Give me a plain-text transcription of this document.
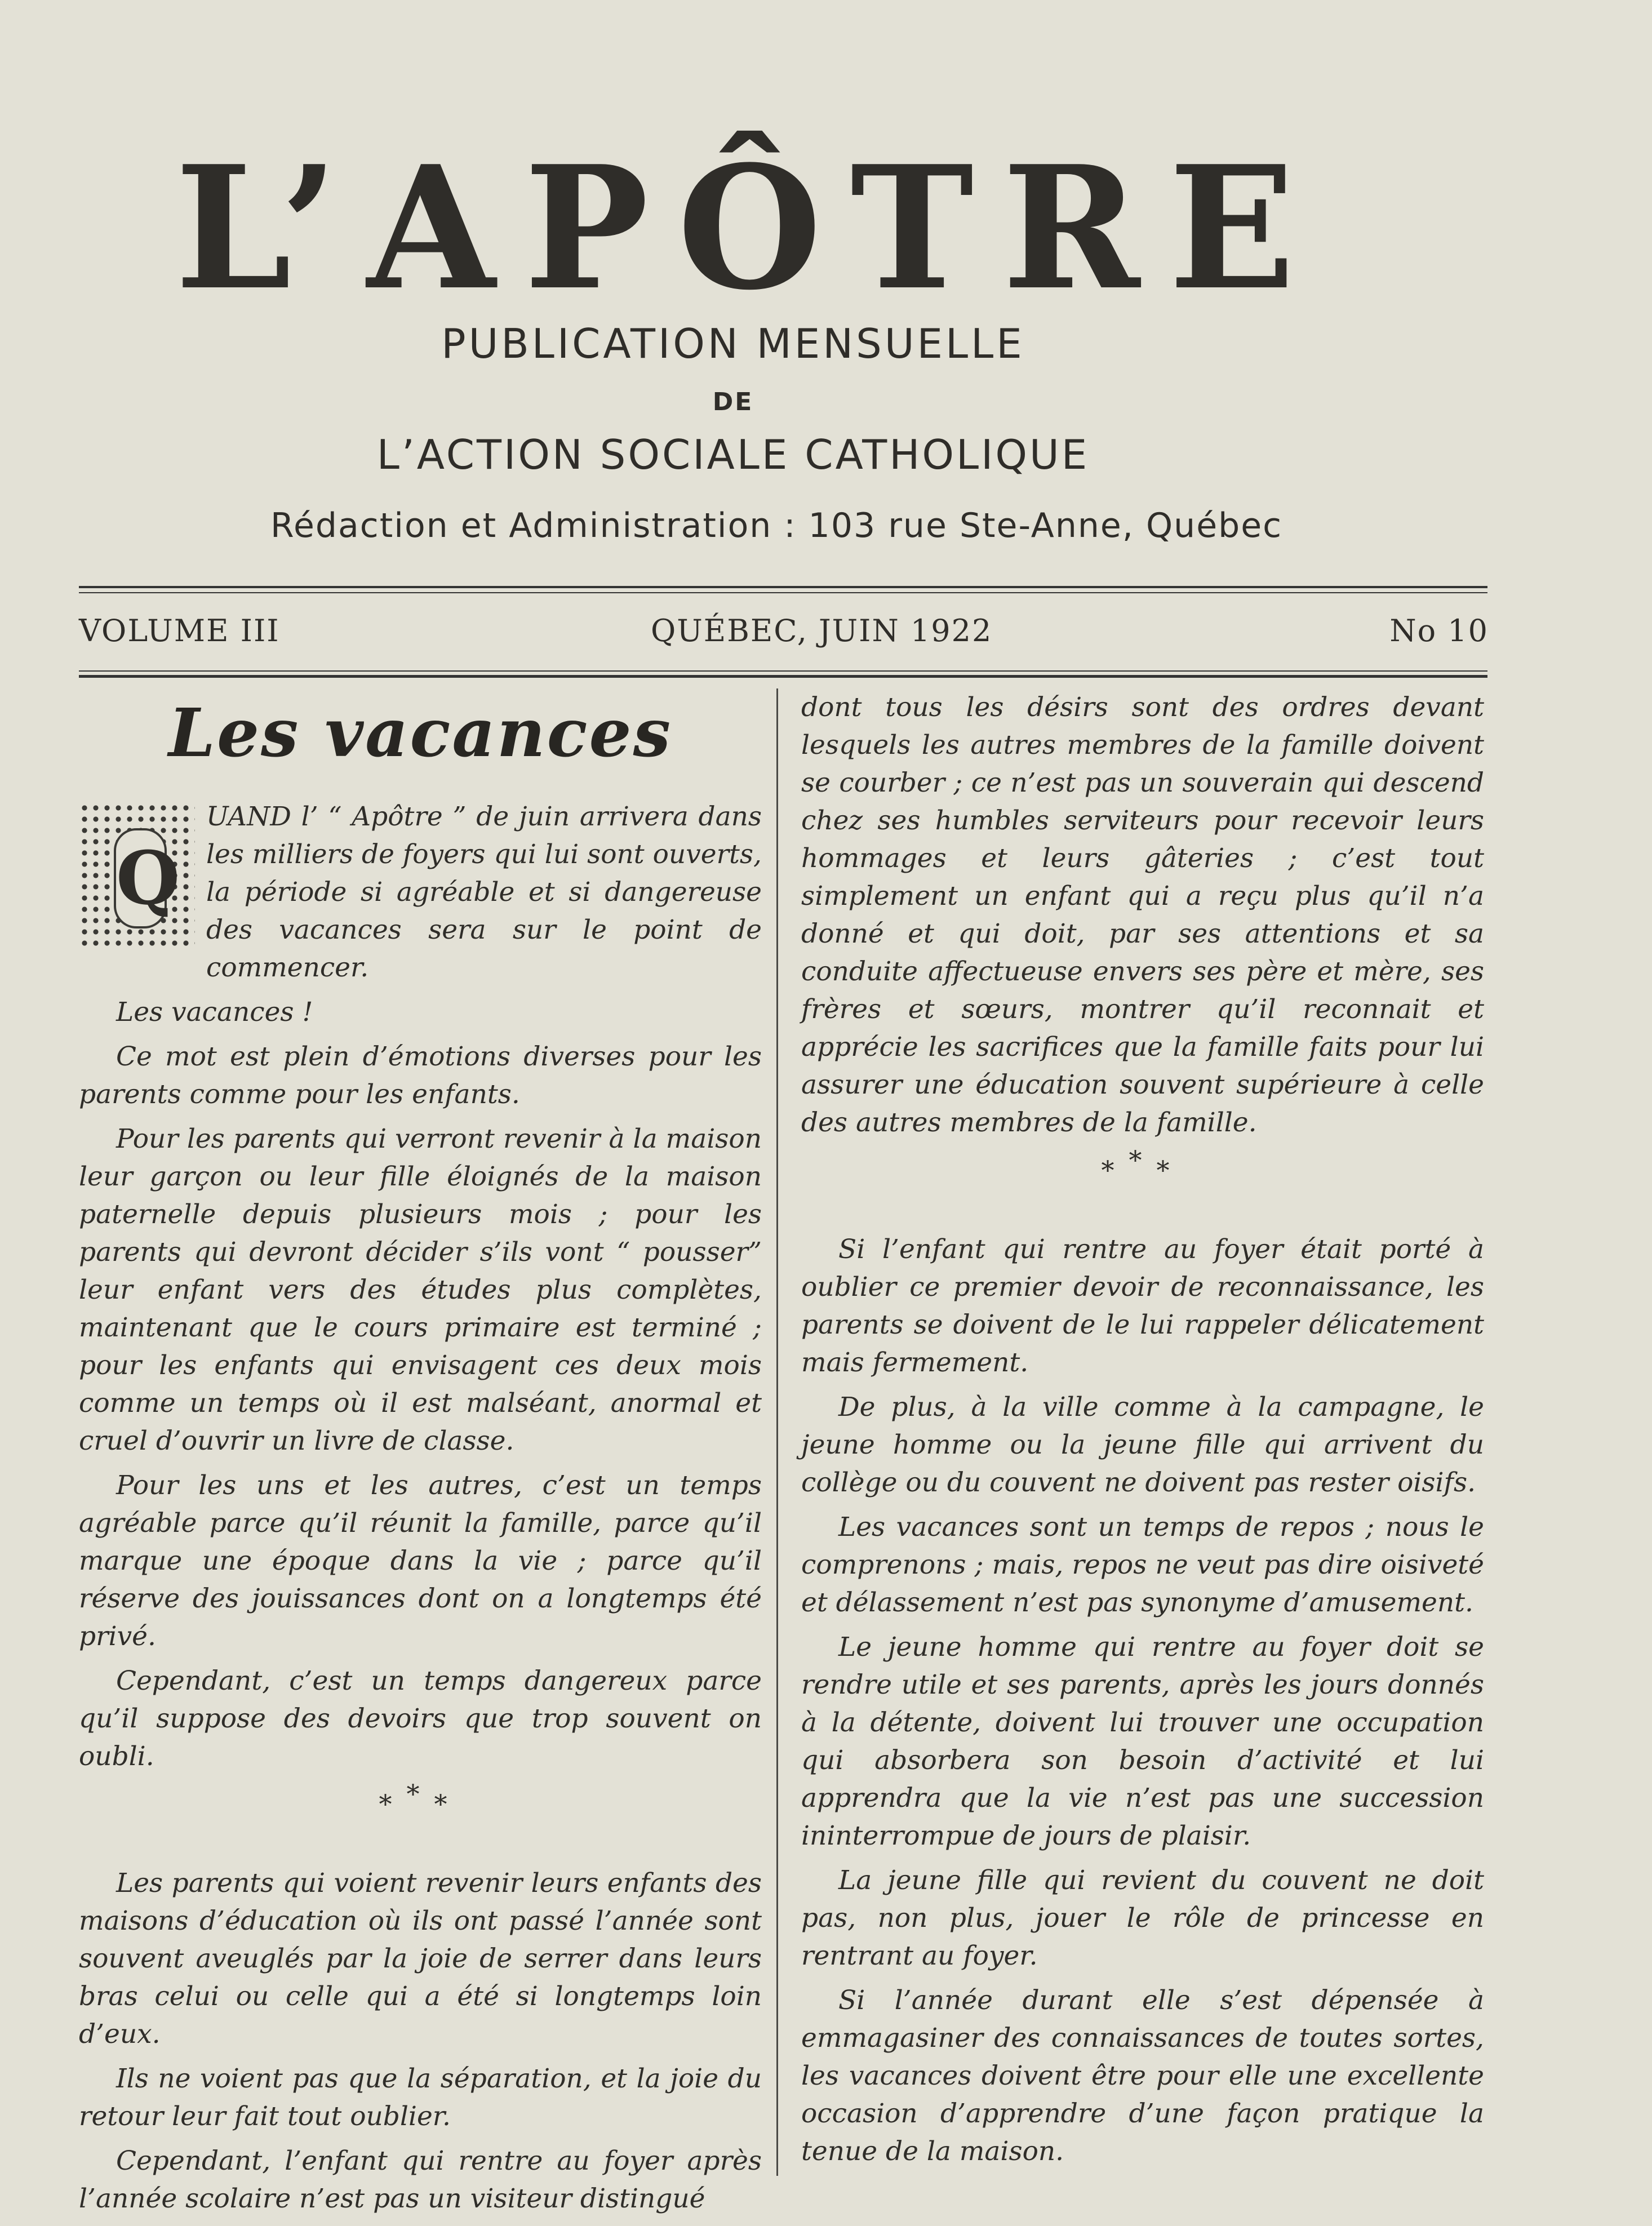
L’APÔTRE
PUBLICATION MENSUELLE
DE
L’ACTION SOCIALE CATHOLIQUE
Rédaction et Administration : 103 rue Ste-Anne, Québec
VOLUME III	QUÉBEC, JUIN 1922	No 10
Les vacances

Q
UAND l’ “ Apôtre ” de juin arrivera dans les milliers de foyers qui lui sont ouverts, la période si agréable et si dangereuse des vacances sera sur le point de commencer.

Les vacances !

Ce mot est plein d’émotions diverses pour les parents comme pour les enfants.

Pour les parents qui verront revenir à la maison leur garçon ou leur fille éloignés de la maison paternelle depuis plusieurs mois ; pour les parents qui devront décider s’ils vont “ pousser” leur enfant vers des études plus complètes, maintenant que le cours primaire est terminé ; pour les enfants qui envisagent ces deux mois comme un temps où il est malséant, anormal et cruel d’ouvrir un livre de classe.

Pour les uns et les autres, c’est un temps agréable parce qu’il réunit la famille, parce qu’il marque une époque dans la vie ; parce qu’il réserve des jouissances dont on a longtemps été privé.

Cependant, c’est un temps dangereux parce qu’il suppose des devoirs que trop souvent on oubli.

***

Les parents qui voient revenir leurs enfants des maisons d’éducation où ils ont passé l’année sont souvent aveuglés par la joie de serrer dans leurs bras celui ou celle qui a été si longtemps loin d’eux.

Ils ne voient pas que la séparation, et la joie du retour leur fait tout oublier.

Cependant, l’enfant qui rentre au foyer après l’année scolaire n’est pas un visiteur distingué

dont tous les désirs sont des ordres devant lesquels les autres membres de la famille doivent se courber ; ce n’est pas un souverain qui descend chez ses humbles serviteurs pour recevoir leurs hommages et leurs gâteries ; c’est tout simplement un enfant qui a reçu plus qu’il n’a donné et qui doit, par ses attentions et sa conduite affectueuse envers ses père et mère, ses frères et sœurs, montrer qu’il reconnait et apprécie les sacrifices que la famille faits pour lui assurer une éducation souvent supérieure à celle des autres membres de la famille.

***

Si l’enfant qui rentre au foyer était porté à oublier ce premier devoir de reconnaissance, les parents se doivent de le lui rappeler délicatement mais fermement.

De plus, à la ville comme à la campagne, le jeune homme ou la jeune fille qui arrivent du collège ou du couvent ne doivent pas rester oisifs.

Les vacances sont un temps de repos ; nous le comprenons ; mais, repos ne veut pas dire oisiveté et délassement n’est pas synonyme d’amusement.

Le jeune homme qui rentre au foyer doit se rendre utile et ses parents, après les jours donnés à la détente, doivent lui trouver une occupation qui absorbera son besoin d’activité et lui apprendra que la vie n’est pas une succession ininterrompue de jours de plaisir.

La jeune fille qui revient du couvent ne doit pas, non plus, jouer le rôle de princesse en rentrant au foyer.

Si l’année durant elle s’est dépensée à emmagasiner des connaissances de toutes sortes, les vacances doivent être pour elle une excellente occasion d’apprendre d’une façon pratique la tenue de la maison.
